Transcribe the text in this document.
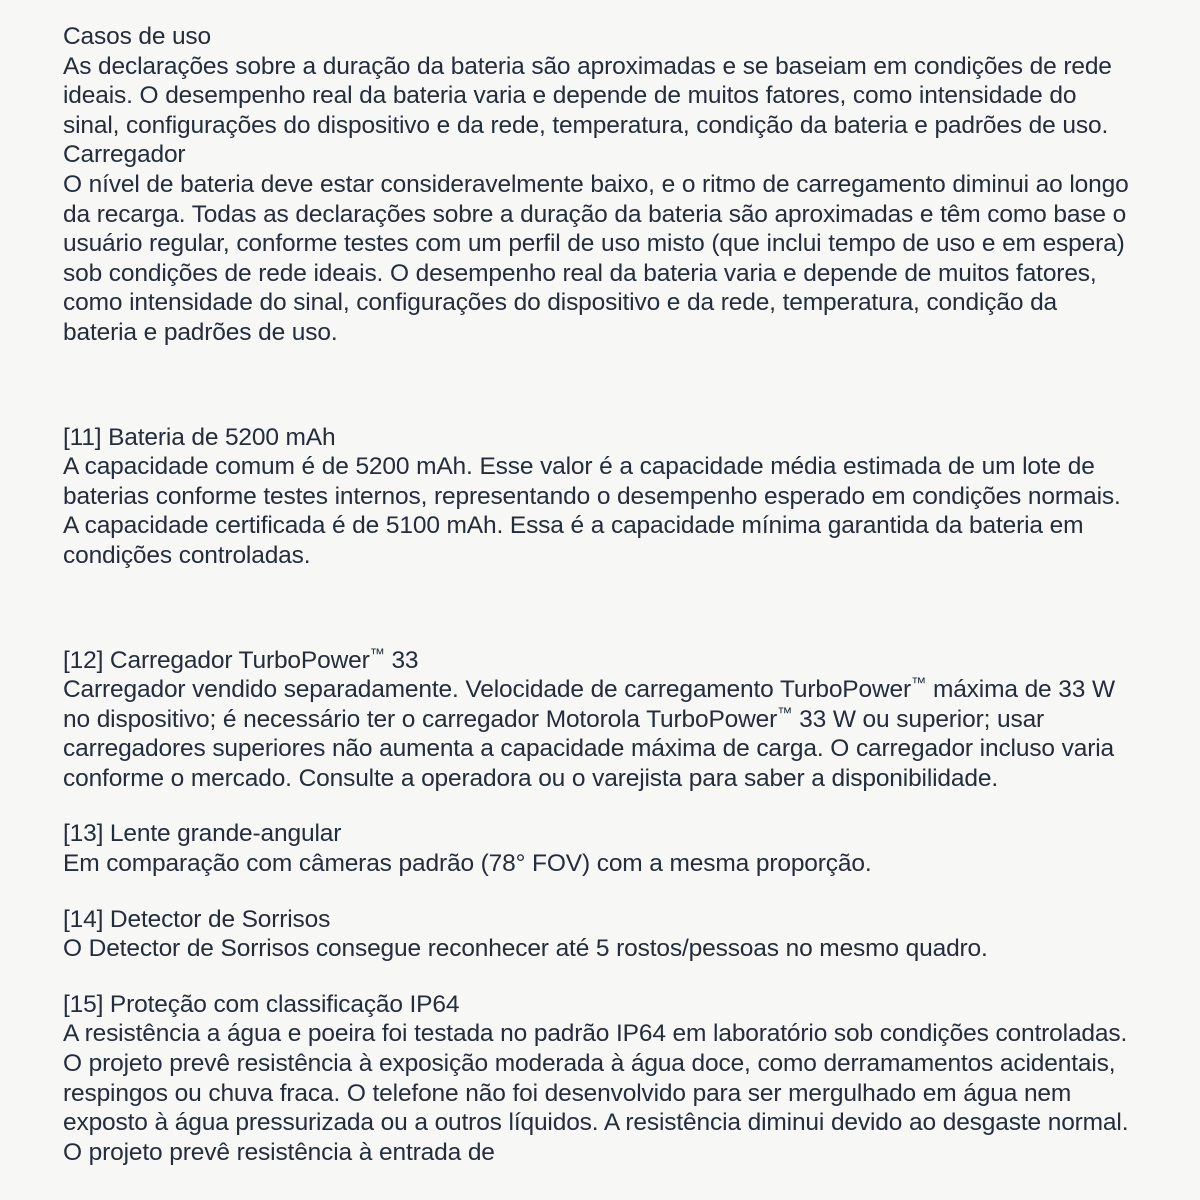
Casos de uso

As declarações sobre a duração da bateria são aproximadas e se baseiam em condições de rede ideais. O desempenho real da bateria varia e depende de muitos fatores, como intensidade do sinal, configurações do dispositivo e da rede, temperatura, condição da bateria e padrões de uso.

Carregador

O nível de bateria deve estar consideravelmente baixo, e o ritmo de carregamento diminui ao longo da recarga. Todas as declarações sobre a duração da bateria são aproximadas e têm como base o usuário regular, conforme testes com um perfil de uso misto (que inclui tempo de uso e em espera) sob condições de rede ideais. O desempenho real da bateria varia e depende de muitos fatores, como intensidade do sinal, configurações do dispositivo e da rede, temperatura, condição da bateria e padrões de uso.

[11] Bateria de 5200 mAh

A capacidade comum é de 5200 mAh. Esse valor é a capacidade média estimada de um lote de baterias conforme testes internos, representando o desempenho esperado em condições normais. A capacidade certificada é de 5100 mAh. Essa é a capacidade mínima garantida da bateria em condições controladas.

[12] Carregador TurboPower™ 33

Carregador vendido separadamente. Velocidade de carregamento TurboPower™ máxima de 33 W no dispositivo; é necessário ter o carregador Motorola TurboPower™ 33 W ou superior; usar carregadores superiores não aumenta a capacidade máxima de carga. O carregador incluso varia conforme o mercado. Consulte a operadora ou o varejista para saber a disponibilidade.

[13] Lente grande-angular

Em comparação com câmeras padrão (78° FOV) com a mesma proporção.

[14] Detector de Sorrisos

O Detector de Sorrisos consegue reconhecer até 5 rostos/pessoas no mesmo quadro.

[15] Proteção com classificação IP64

A resistência a água e poeira foi testada no padrão IP64 em laboratório sob condições controladas. O projeto prevê resistência à exposição moderada à água doce, como derramamentos acidentais, respingos ou chuva fraca. O telefone não foi desenvolvido para ser mergulhado em água nem exposto à água pressurizada ou a outros líquidos. A resistência diminui devido ao desgaste normal. O projeto prevê resistência à entrada de
